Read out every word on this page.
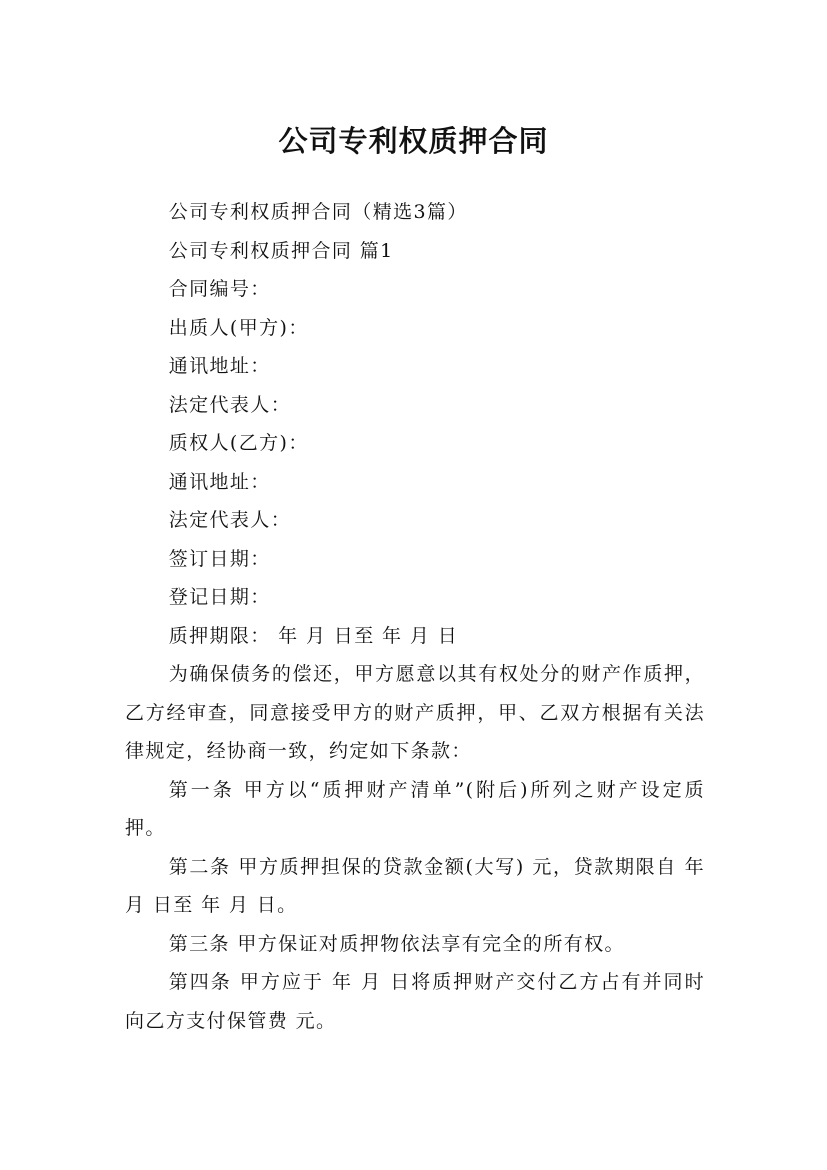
公司专利权质押合同

公司专利权质押合同（精选3篇）

公司专利权质押合同 篇1

合同编号：

出质人(甲方)：

通讯地址：

法定代表人：

质权人(乙方)：

通讯地址：

法定代表人：

签订日期：

登记日期：

质押期限： 年 月 日至 年 月 日

为确保债务的偿还，甲方愿意以其有权处分的财产作质押，乙方经审查，同意接受甲方的财产质押，甲、乙双方根据有关法律规定，经协商一致，约定如下条款：

第一条 甲方以“质押财产清单”(附后)所列之财产设定质押。

第二条 甲方质押担保的贷款金额(大写) 元，贷款期限自 年 月 日至 年 月 日。

第三条 甲方保证对质押物依法享有完全的所有权。

第四条 甲方应于 年 月 日将质押财产交付乙方占有并同时向乙方支付保管费 元。
